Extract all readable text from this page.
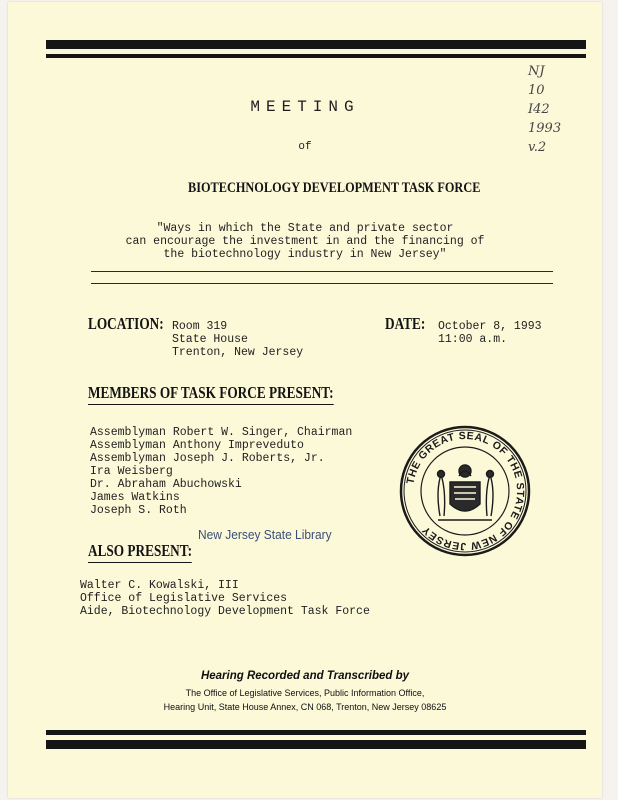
NJ
10
I42
1993
v.2
MEETING
of
BIOTECHNOLOGY DEVELOPMENT TASK FORCE
"Ways in which the State and private sector
can encourage the investment in and the financing of
the biotechnology industry in New Jersey"
LOCATION: Room 319
State House
Trenton, New Jersey
DATE: October 8, 1993
11:00 a.m.
MEMBERS OF TASK FORCE PRESENT:
Assemblyman Robert W. Singer, Chairman
Assemblyman Anthony Impreveduto
Assemblyman Joseph J. Roberts, Jr.
Ira Weisberg
Dr. Abraham Abuchowski
James Watkins
Joseph S. Roth
THE GREAT SEAL OF THE STATE OF NEW JERSEY
New Jersey State Library
ALSO PRESENT:
Walter C. Kowalski, III
Office of Legislative Services
Aide, Biotechnology Development Task Force
Hearing Recorded and Transcribed by
The Office of Legislative Services, Public Information Office,
Hearing Unit, State House Annex, CN 068, Trenton, New Jersey 08625
